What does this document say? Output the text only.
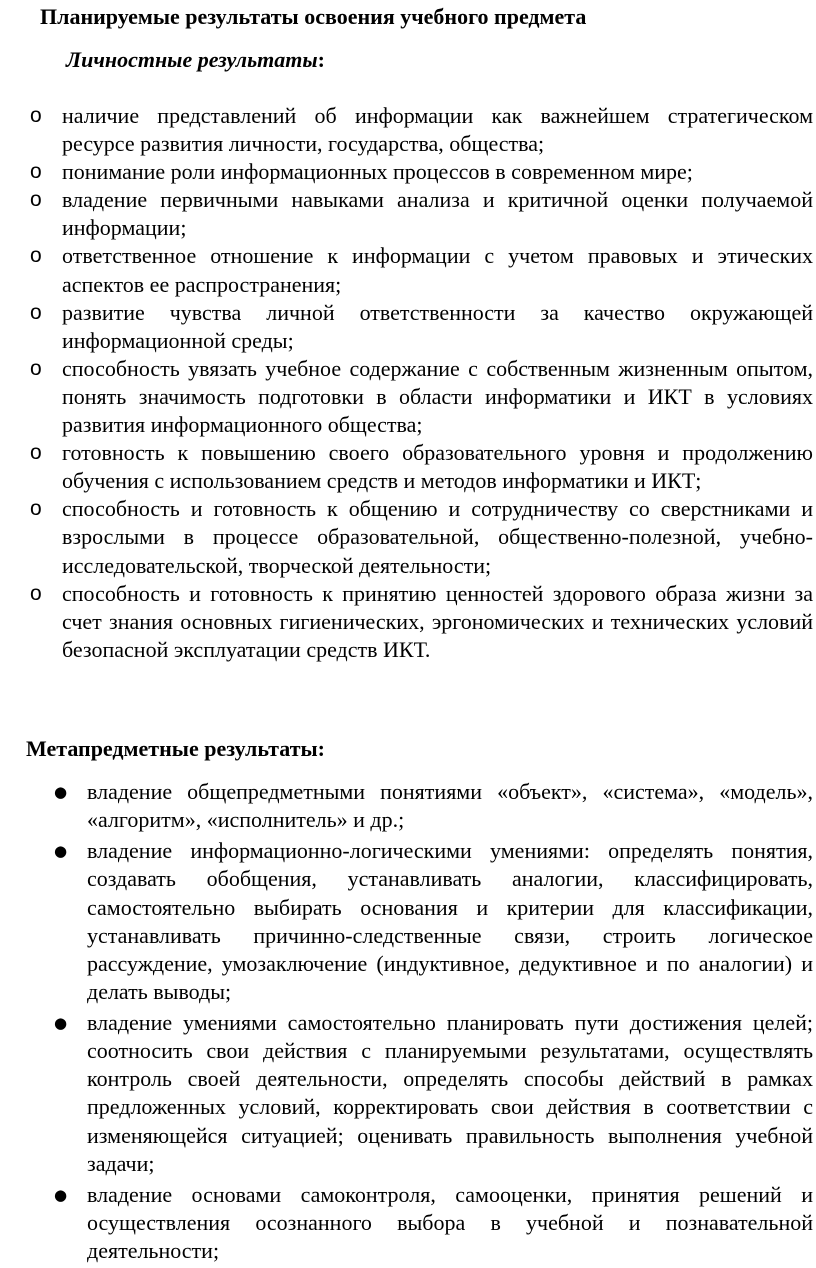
Планируемые результаты освоения учебного предмета
Личностные результаты:
o наличие представлений об информации как важнейшем стратегическом ресурсе развития личности, государства, общества;
o понимание роли информационных процессов в современном мире;
o владение первичными навыками анализа и критичной оценки получаемой информации;
o ответственное отношение к информации с учетом правовых и этических аспектов ее распространения;
o развитие чувства личной ответственности за качество окружающей информационной среды;
o способность увязать учебное содержание с собственным жизненным опытом, понять значимость подготовки в области информатики и ИКТ в условиях развития информационного общества;
o готовность к повышению своего образовательного уровня и продолжению обучения с использованием средств и методов информатики и ИКТ;
o способность и готовность к общению и сотрудничеству со сверстниками и взрослыми в процессе образовательной, общественно-полезной, учебно-исследовательской, творческой деятельности;
o способность и готовность к принятию ценностей здорового образа жизни за счет знания основных гигиенических, эргономических и технических условий безопасной эксплуатации средств ИКТ.
Метапредметные результаты:
● владение общепредметными понятиями «объект», «система», «модель», «алгоритм», «исполнитель» и др.;
● владение информационно-логическими умениями: определять понятия, создавать обобщения, устанавливать аналогии, классифицировать, самостоятельно выбирать основания и критерии для классификации, устанавливать причинно-следственные связи, строить логическое рассуждение, умозаключение (индуктивное, дедуктивное и по аналогии) и делать выводы;
● владение умениями самостоятельно планировать пути достижения целей; соотносить свои действия с планируемыми результатами, осуществлять контроль своей деятельности, определять способы действий в рамках предложенных условий, корректировать свои действия в соответствии с изменяющейся ситуацией; оценивать правильность выполнения учебной задачи;
● владение основами самоконтроля, самооценки, принятия решений и осуществления осознанного выбора в учебной и познавательной деятельности;
